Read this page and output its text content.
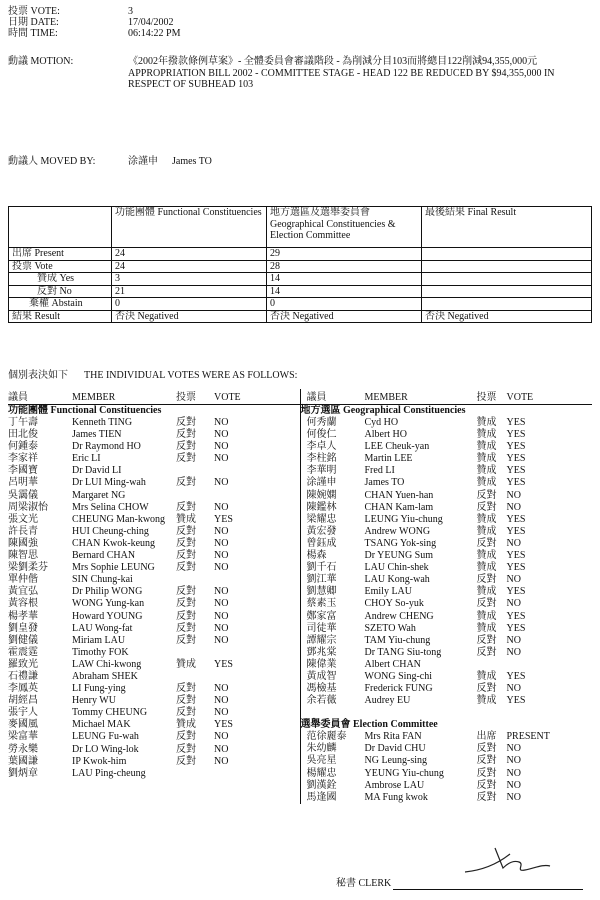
投票 VOTE:	3
日期 DATE:	17/04/2002
時間 TIME:	06:14:22 PM
動議 MOTION:	《2002年撥款條例草案》- 全體委員會審議階段 - 為削減分目103而將總目122削減94,355,000元
APPROPRIATION BILL 2002 - COMMITTEE STAGE - HEAD 122 BE REDUCED BY $94,355,000 IN RESPECT OF SUBHEAD 103
動議人 MOVED BY:	涂謹申 James TO
	功能團體 Functional Constituencies	地方選區及選舉委員會 Geographical Constituencies & Election Committee	最後結果 Final Result
出席 Present	24	29	
投票 Vote	24	28	
贊成 Yes	3	14	
反對 No	21	14	
棄權 Abstain	0	0	
結果 Result	否決 Negatived	否決 Negatived	否決 Negatived
個別表決如下	THE INDIVIDUAL VOTES WERE AS FOLLOWS:
議員	MEMBER	投票	VOTE
功能團體 Functional Constituencies
丁午壽	Kenneth TING	反對	NO
田北俊	James TIEN	反對	NO
何鍾泰	Dr Raymond HO	反對	NO
李家祥	Eric LI	反對	NO
李國寶	Dr David LI
呂明華	Dr LUI Ming-wah	反對	NO
吳靄儀	Margaret NG
周梁淑怡	Mrs Selina CHOW	反對	NO
張文光	CHEUNG Man-kwong	贊成	YES
許長青	HUI Cheung-ching	反對	NO
陳國強	CHAN Kwok-keung	反對	NO
陳智思	Bernard CHAN	反對	NO
梁劉柔芬	Mrs Sophie LEUNG	反對	NO
單仲偕	SIN Chung-kai
黃宜弘	Dr Philip WONG	反對	NO
黃容根	WONG Yung-kan	反對	NO
楊孝華	Howard YOUNG	反對	NO
劉皇發	LAU Wong-fat	反對	NO
劉健儀	Miriam LAU	反對	NO
霍震霆	Timothy FOK
羅致光	LAW Chi-kwong	贊成	YES
石禮謙	Abraham SHEK
李鳳英	LI Fung-ying	反對	NO
胡經昌	Henry WU	反對	NO
張宇人	Tommy CHEUNG	反對	NO
麥國風	Michael MAK	贊成	YES
梁富華	LEUNG Fu-wah	反對	NO
勞永樂	Dr LO Wing-lok	反對	NO
葉國謙	IP Kwok-him	反對	NO
劉炳章	LAU Ping-cheung
議員	MEMBER	投票	VOTE
地方選區 Geographical Constituencies
何秀蘭	Cyd HO	贊成	YES
何俊仁	Albert HO	贊成	YES
李卓人	LEE Cheuk-yan	贊成	YES
李柱銘	Martin LEE	贊成	YES
李華明	Fred LI	贊成	YES
涂謹申	James TO	贊成	YES
陳婉嫻	CHAN Yuen-han	反對	NO
陳鑑林	CHAN Kam-lam	反對	NO
梁耀忠	LEUNG Yiu-chung	贊成	YES
黃宏發	Andrew WONG	贊成	YES
曾鈺成	TSANG Yok-sing	反對	NO
楊森	Dr YEUNG Sum	贊成	YES
劉千石	LAU Chin-shek	贊成	YES
劉江華	LAU Kong-wah	反對	NO
劉慧卿	Emily LAU	贊成	YES
蔡素玉	CHOY So-yuk	反對	NO
鄭家富	Andrew CHENG	贊成	YES
司徒華	SZETO Wah	贊成	YES
譚耀宗	TAM Yiu-chung	反對	NO
鄧兆棠	Dr TANG Siu-tong	反對	NO
陳偉業	Albert CHAN
黃成智	WONG Sing-chi	贊成	YES
馮檢基	Frederick FUNG	反對	NO
余若薇	Audrey EU	贊成	YES
選舉委員會 Election Committee
范徐麗泰	Mrs Rita FAN	出席	PRESENT
朱幼麟	Dr David CHU	反對	NO
吳亮星	NG Leung-sing	反對	NO
楊耀忠	YEUNG Yiu-chung	反對	NO
劉漢銓	Ambrose LAU	反對	NO
馬逢國	MA Fung kwok	反對	NO
秘書 CLERK
